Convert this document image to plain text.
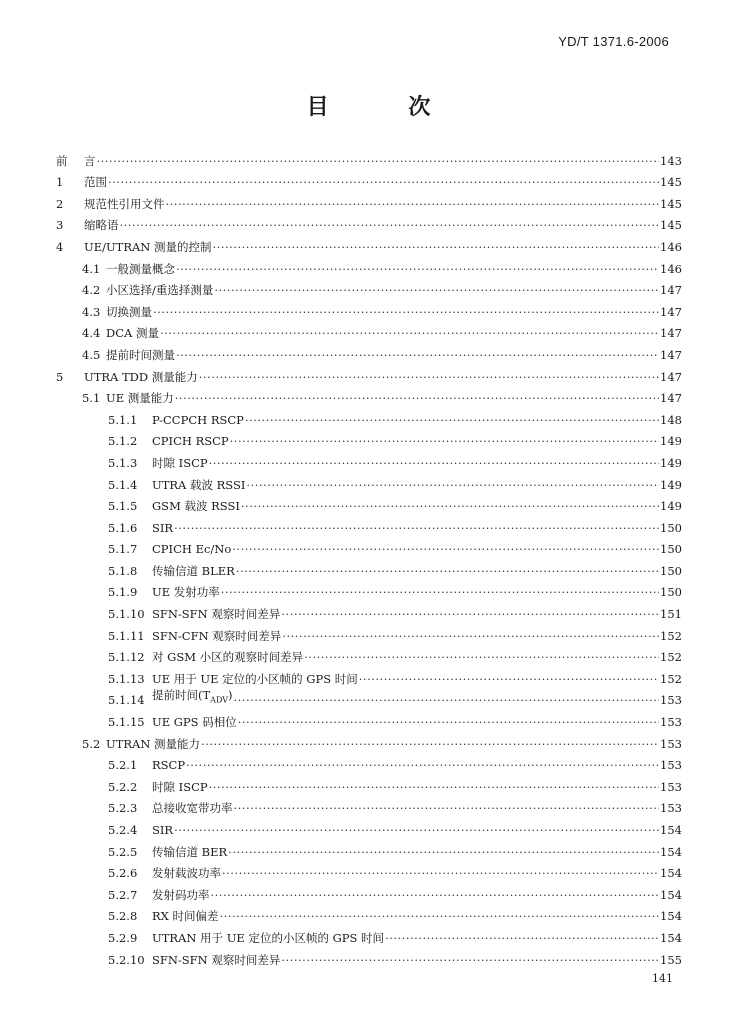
YD/T 1371.6-2006
目 次
前	言 ·····	143
1	范围 ·····	145
2	规范性引用文件 ·····	145
3	缩略语 ·····	145
4	UE/UTRAN 测量的控制 ·····	146
4.1 一般测量概念 ·····	146
4.2 小区选择/重选择测量 ·····	147
4.3 切换测量 ·····	147
4.4 DCA 测量 ·····	147
4.5 提前时间测量 ·····	147
5	UTRA TDD 测量能力 ·····	147
5.1 UE 测量能力 ·····	147
5.1.1	P-CCPCH RSCP ·····	148
5.1.2	CPICH RSCP ·····	149
5.1.3	时隙 ISCP ·····	149
5.1.4	UTRA 载波 RSSI ·····	149
5.1.5	GSM 载波 RSSI ·····	149
5.1.6	SIR ·····	150
5.1.7	CPICH Ec/No ·····	150
5.1.8	传输信道 BLER ·····	150
5.1.9	UE 发射功率 ·····	150
5.1.10 SFN-SFN 观察时间差异 ·····	151
5.1.11 SFN-CFN 观察时间差异 ·····	152
5.1.12 对 GSM 小区的观察时间差异 ·····	152
5.1.13 UE 用于 UE 定位的小区帧的 GPS 时间 ·····	152
5.1.14 提前时间$(T_{ADV})$ ·····	153
5.1.15 UE GPS 码相位 ·····	153
5.2 UTRAN 测量能力 ·····	153
5.2.1	RSCP ·····	153
5.2.2	时隙 ISCP ·····	153
5.2.3	总接收宽带功率 ·····	153
5.2.4	SIR ·····	154
5.2.5	传输信道 BER ·····	154
5.2.6	发射载波功率 ·····	154
5.2.7	发射码功率 ·····	154
5.2.8	RX 时间偏差 ·····	154
5.2.9	UTRAN 用于 UE 定位的小区帧的 GPS 时间 ·····	154
5.2.10 SFN-SFN 观察时间差异 ·····	155
141
